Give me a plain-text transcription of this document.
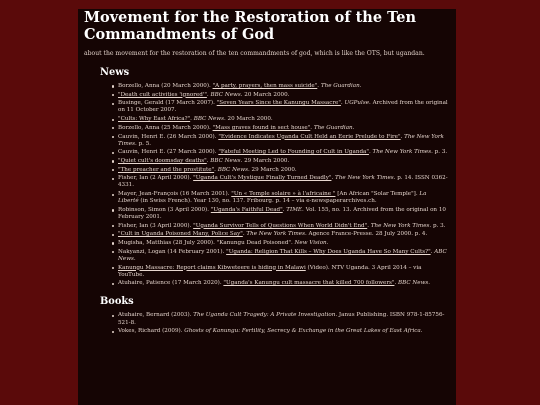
Movement for the Restoration of the Ten Commandments of God
about the movement for the restoration of the ten commandments of god, which is like the OTS, but ugandan.
News
Borzello, Anna (20 March 2000). "A party, prayers, then mass suicide". The Guardian.
"Death cult activities 'ignored'". BBC News. 20 March 2000.
Businge, Gerald (17 March 2007). "Seven Years Since the Kanungu Massacre". UGPulse. Archived from the original on 11 October 2007.
"Cults: Why East Africa?". BBC News. 20 March 2000.
Borzello, Anna (25 March 2000). "Mass graves found in sect house". The Guardian.
Cauvin, Henri E. (26 March 2000). "Evidence Indicates Uganda Cult Held an Eerie Prelude to Fire". The New York Times. p. 5.
Cauvin, Henri E. (27 March 2000). "Fateful Meeting Led to Founding of Cult in Uganda". The New York Times. p. 3.
"Quiet cult's doomsday deaths". BBC News. 29 March 2000.
"The preacher and the prostitute". BBC News. 29 March 2000.
Fisher, Ian (2 April 2000). "Uganda Cult's Mystique Finally Turned Deadly". The New York Times. p. 14. ISSN 0362-4331.
Mayer, Jean-François (16 March 2001). "Un « Temple solaire » à l'africaine " [An African "Solar Temple"]. La Liberté (in Swiss French). Year 130, no. 137. Fribourg. p. 14 – via e-newspaperarchives.ch.
Robinson, Simon (3 April 2000). "Uganda's Faithful Dead". TIME. Vol. 155, no. 13. Archived from the original on 10 February 2001.
Fisher, Ian (3 April 2000). "Uganda Survivor Tells of Questions When World Didn't End". The New York Times. p. 3.
"Cult in Uganda Poisoned Many, Police Say". The New York Times. Agence France-Presse. 28 July 2000. p. 4.
Mugisha, Matthias (28 July 2000). "Kanungu Dead Poisoned". New Vision.
Nakyanzi, Logan (14 February 2001). "Uganda: Religion That Kills – Why Does Uganda Have So Many Cults?". ABC News.
Kanungu Massacre: Report claims Kibweteere is hiding in Malawi (Video). NTV Uganda. 3 April 2014 – via YouTube.
Atuhaire, Patience (17 March 2020). "Uganda's Kanungu cult massacre that killed 700 followers". BBC News.
Books
Atuhaire, Bernard (2003). The Uganda Cult Tragedy: A Private Investigation. Janus Publishing. ISBN 978-1-85756-521-8.
Vokes, Richard (2009). Ghosts of Kanungu: Fertility, Secrecy & Exchange in the Great Lakes of East Africa.
